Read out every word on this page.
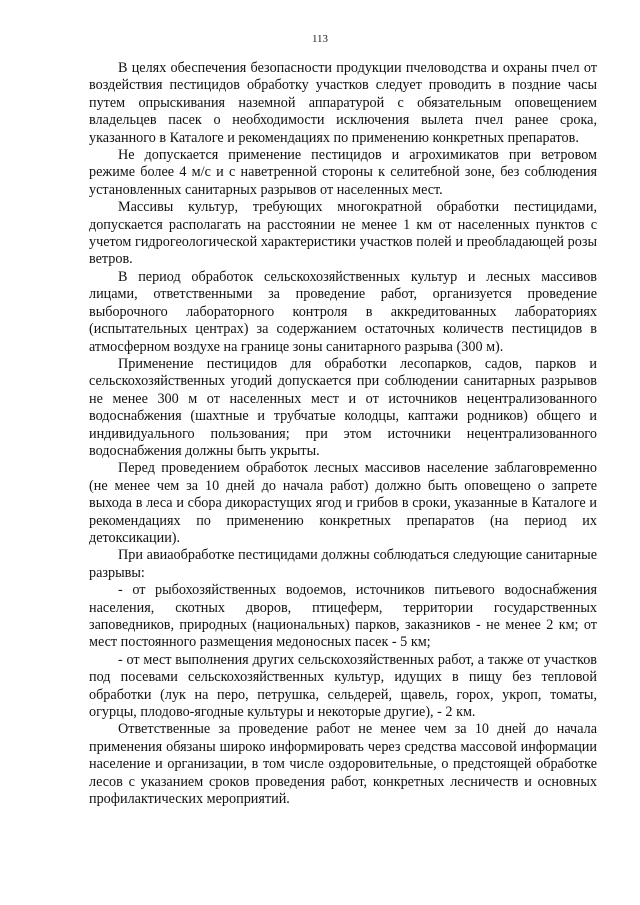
113

В целях обеспечения безопасности продукции пчеловодства и охраны пчел от воздействия пестицидов обработку участков следует проводить в поздние часы путем опрыскивания наземной аппаратурой с обязательным оповещением владельцев пасек о необходимости исключения вылета пчел ранее срока, указанного в Каталоге и рекомендациях по применению конкретных препаратов.

Не допускается применение пестицидов и агрохимикатов при ветровом режиме более 4 м/с и с наветренной стороны к селитебной зоне, без соблюдения установленных санитарных разрывов от населенных мест.

Массивы культур, требующих многократной обработки пестицидами, допускается располагать на расстоянии не менее 1 км от населенных пунктов с учетом гидрогеологической характеристики участков полей и преобладающей розы ветров.

В период обработок сельскохозяйственных культур и лесных массивов лицами, ответственными за проведение работ, организуется проведение выборочного лабораторного контроля в аккредитованных лабораториях (испытательных центрах) за содержанием остаточных количеств пестицидов в атмосферном воздухе на границе зоны санитарного разрыва (300 м).

Применение пестицидов для обработки лесопарков, садов, парков и сельскохозяйственных угодий допускается при соблюдении санитарных разрывов не менее 300 м от населенных мест и от источников нецентрализованного водоснабжения (шахтные и трубчатые колодцы, каптажи родников) общего и индивидуального пользования; при этом источники нецентрализованного водоснабжения должны быть укрыты.

Перед проведением обработок лесных массивов население заблаговременно (не менее чем за 10 дней до начала работ) должно быть оповещено о запрете выхода в леса и сбора дикорастущих ягод и грибов в сроки, указанные в Каталоге и рекомендациях по применению конкретных препаратов (на период их детоксикации).

При авиаобработке пестицидами должны соблюдаться следующие санитарные разрывы:

- от рыбохозяйственных водоемов, источников питьевого водоснабжения населения, скотных дворов, птицеферм, территории государственных заповедников, природных (национальных) парков, заказников - не менее 2 км; от мест постоянного размещения медоносных пасек - 5 км;

- от мест выполнения других сельскохозяйственных работ, а также от участков под посевами сельскохозяйственных культур, идущих в пищу без тепловой обработки (лук на перо, петрушка, сельдерей, щавель, горох, укроп, томаты, огурцы, плодово-ягодные культуры и некоторые другие), - 2 км.

Ответственные за проведение работ не менее чем за 10 дней до начала применения обязаны широко информировать через средства массовой информации население и организации, в том числе оздоровительные, о предстоящей обработке лесов с указанием сроков проведения работ, конкретных лесничеств и основных профилактических мероприятий.
